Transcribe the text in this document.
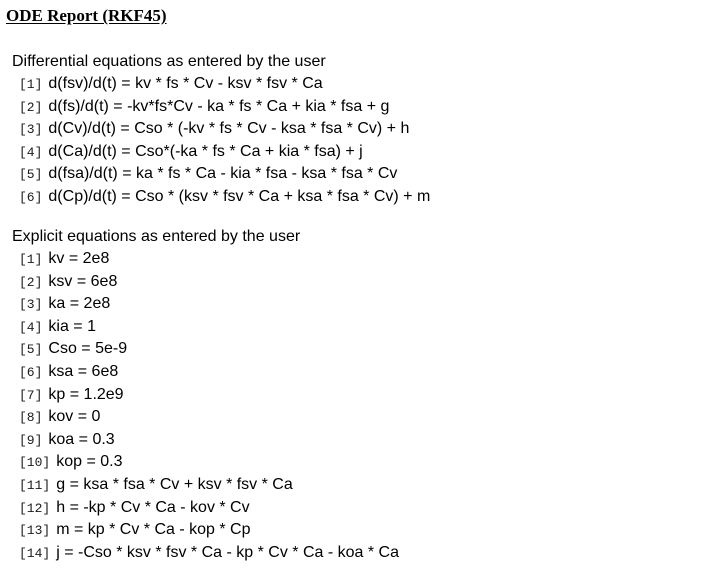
ODE Report (RKF45)
Differential equations as entered by the user
[1] d(fsv)/d(t) = kv * fs * Cv - ksv * fsv * Ca
[2] d(fs)/d(t) = -kv*fs*Cv - ka * fs * Ca + kia * fsa + g
[3] d(Cv)/d(t) = Cso * (-kv * fs * Cv - ksa * fsa * Cv) + h
[4] d(Ca)/d(t) = Cso*(-ka * fs * Ca + kia * fsa) + j
[5] d(fsa)/d(t) = ka * fs * Ca - kia * fsa - ksa * fsa * Cv
[6] d(Cp)/d(t) = Cso * (ksv * fsv * Ca + ksa * fsa * Cv) + m
Explicit equations as entered by the user
[1] kv = 2e8
[2] ksv = 6e8
[3] ka = 2e8
[4] kia = 1
[5] Cso = 5e-9
[6] ksa = 6e8
[7] kp = 1.2e9
[8] kov = 0
[9] koa = 0.3
[10] kop = 0.3
[11] g = ksa * fsa * Cv + ksv * fsv * Ca
[12] h = -kp * Cv * Ca - kov * Cv
[13] m = kp * Cv * Ca - kop * Cp
[14] j = -Cso * ksv * fsv * Ca - kp * Cv * Ca - koa * Ca
